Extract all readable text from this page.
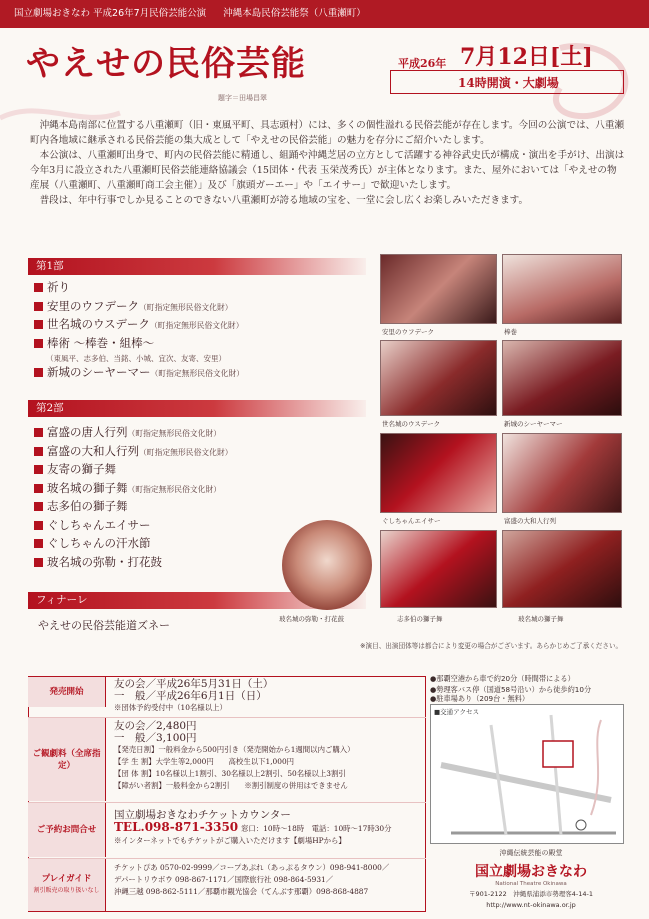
国立劇場おきなわ 平成26年7月民俗芸能公演 沖縄本島民俗芸能祭（八重瀬町）
やえせの民俗芸能
題字＝田場昌翠
平成26年 7月12日[土]
14時開演・大劇場

沖縄本島南部に位置する八重瀬町（旧・東風平町、具志頭村）には、多くの個性溢れる民俗芸能が存在します。今回の公演では、八重瀬町内各地域に継承される民俗芸能の集大成として「やえせの民俗芸能」の魅力を存分にご紹介いたします。

本公演は、八重瀬町出身で、町内の民俗芸能に精通し、組踊や沖縄芝居の立方として活躍する神谷武史氏が構成・演出を手がけ、出演は今年3月に設立された八重瀬町民俗芸能連絡協議会（15団体・代表 玉栄茂秀氏）が主体となります。また、屋外においては「やえせの物産展（八重瀬町、八重瀬町商工会主催）」及び「旗頭ガーエー」や「エイサー」で歓迎いたします。

普段は、年中行事でしか見ることのできない八重瀬町が誇る地域の宝を、一堂に会し広くお楽しみいただきます。

第1部
祈り
安里のウフデーク（町指定無形民俗文化財）
世名城のウスデーク（町指定無形民俗文化財）
棒術 ～棒巻・組棒～
（東風平、志多伯、当銘、小城、宜次、友寄、安里）
新城のシーヤーマー（町指定無形民俗文化財）
第2部
富盛の唐人行列（町指定無形民俗文化財）
富盛の大和人行列（町指定無形民俗文化財）
友寄の獅子舞
玻名城の獅子舞（町指定無形民俗文化財）
志多伯の獅子舞
ぐしちゃんエイサー
ぐしちゃんの汗水節
玻名城の弥勒・打花鼓
フィナーレ
やえせの民俗芸能道ズネー
安里のウフデーク	棒巻
世名城のウスデーク	新城のシーヤーマー
ぐしちゃんエイサー	富盛の大和人行列
玻名城の弥勒・打花鼓	志多伯の獅子舞	玻名城の獅子舞
※演目、出演団体等は都合により変更の場合がございます。あらかじめご了承ください。
発売開始
友の会／平成26年5月31日（土）
一　般／平成26年6月1日（日）
※団体予約受付中（10名様以上）
ご観劇料（全席指定）
友の会／2,480円
一　般／3,100円
【発売日割】一般料金から500円引き（発売開始から1週間以内ご購入）
【学 生 割】大学生等2,000円　　高校生以下1,000円
【団 体 割】10名様以上1割引、30名様以上2割引、50名様以上3割引
【障がい者割】一般料金から2割引　　※割引制度の併用はできません
ご予約お問合せ
国立劇場おきなわチケットカウンター
TEL.098-871-3350 窓口：10時～18時　電話：10時～17時30分
※インターネットでもチケットがご購入いただけます【劇場HPから】
プレイガイド
割引販売の取り扱いなし
チケットぴあ 0570-02-9999／コープあぷれ（あっぷるタウン）098-941-8000／
デパートリウボウ 098-867-1171／国際旅行社 098-864-5931／
沖縄三越 098-862-5111／那覇市観光協会（てんぶす那覇）098-868-4887
●勢理客バス停（国道58号沿い）から徒歩約10分
●那覇空港から車で約20分（時間帯による）
●駐車場あり（209台・無料）
■交通アクセス
沖縄伝統芸能の殿堂
国立劇場おきなわ
National Theatre Okinawa
〒901-2122　沖縄県浦添市勢理客4-14-1
http://www.nt-okinawa.or.jp
